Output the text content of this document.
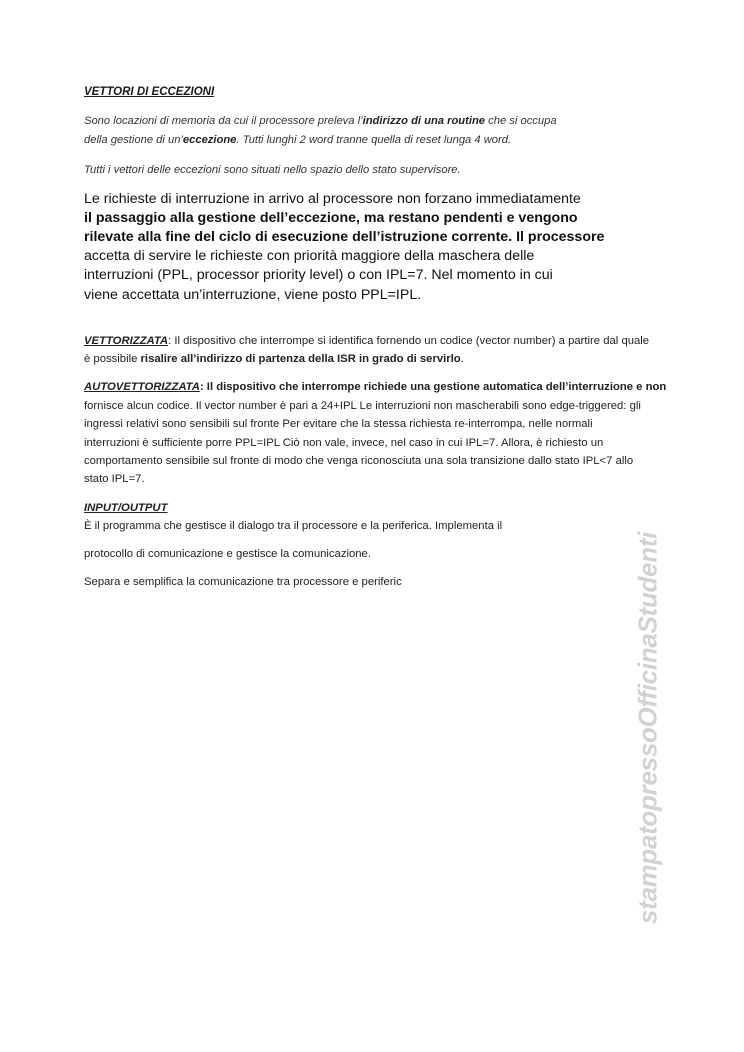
VETTORI DI ECCEZIONI
Sono locazioni di memoria da cui il processore preleva l’indirizzo di una routine che si occupa
della gestione di un’eccezione. Tutti lunghi 2 word tranne quella di reset lunga 4 word.
Tutti i vettori delle eccezioni sono situati nello spazio dello stato supervisore.
Le richieste di interruzione in arrivo al processore non forzano immediatamente
il passaggio alla gestione dell’eccezione, ma restano pendenti e vengono
rilevate alla fine del ciclo di esecuzione dell’istruzione corrente. Il processore
accetta di servire le richieste con priorità maggiore della maschera delle
interruzioni (PPL, processor priority level) o con IPL=7. Nel momento in cui
viene accettata un’interruzione, viene posto PPL=IPL.
VETTORIZZATA: Il dispositivo che interrompe si identifica fornendo un codice (vector number) a partire dal quale
è possibile risalire all’indirizzo di partenza della ISR in grado di servirlo.
AUTOVETTORIZZATA: Il dispositivo che interrompe richiede una gestione automatica dell’interruzione e non
fornisce alcun codice. Il vector number è pari a 24+IPL Le interruzioni non mascherabili sono edge-triggered: gli
ingressi relativi sono sensibili sul fronte Per evitare che la stessa richiesta re-interrompa, nelle normali
interruzioni è sufficiente porre PPL=IPL Ciò non vale, invece, nel caso in cui IPL=7. Allora, è richiesto un
comportamento sensibile sul fronte di modo che venga riconosciuta una sola transizione dallo stato IPL<7 allo
stato IPL=7.
INPUT/OUTPUT
È il programma che gestisce il dialogo tra il processore e la periferica. Implementa il
protocollo di comunicazione e gestisce la comunicazione.
Separa e semplifica la comunicazione tra processore e periferic	stampatopressoOfficinaStudenti
